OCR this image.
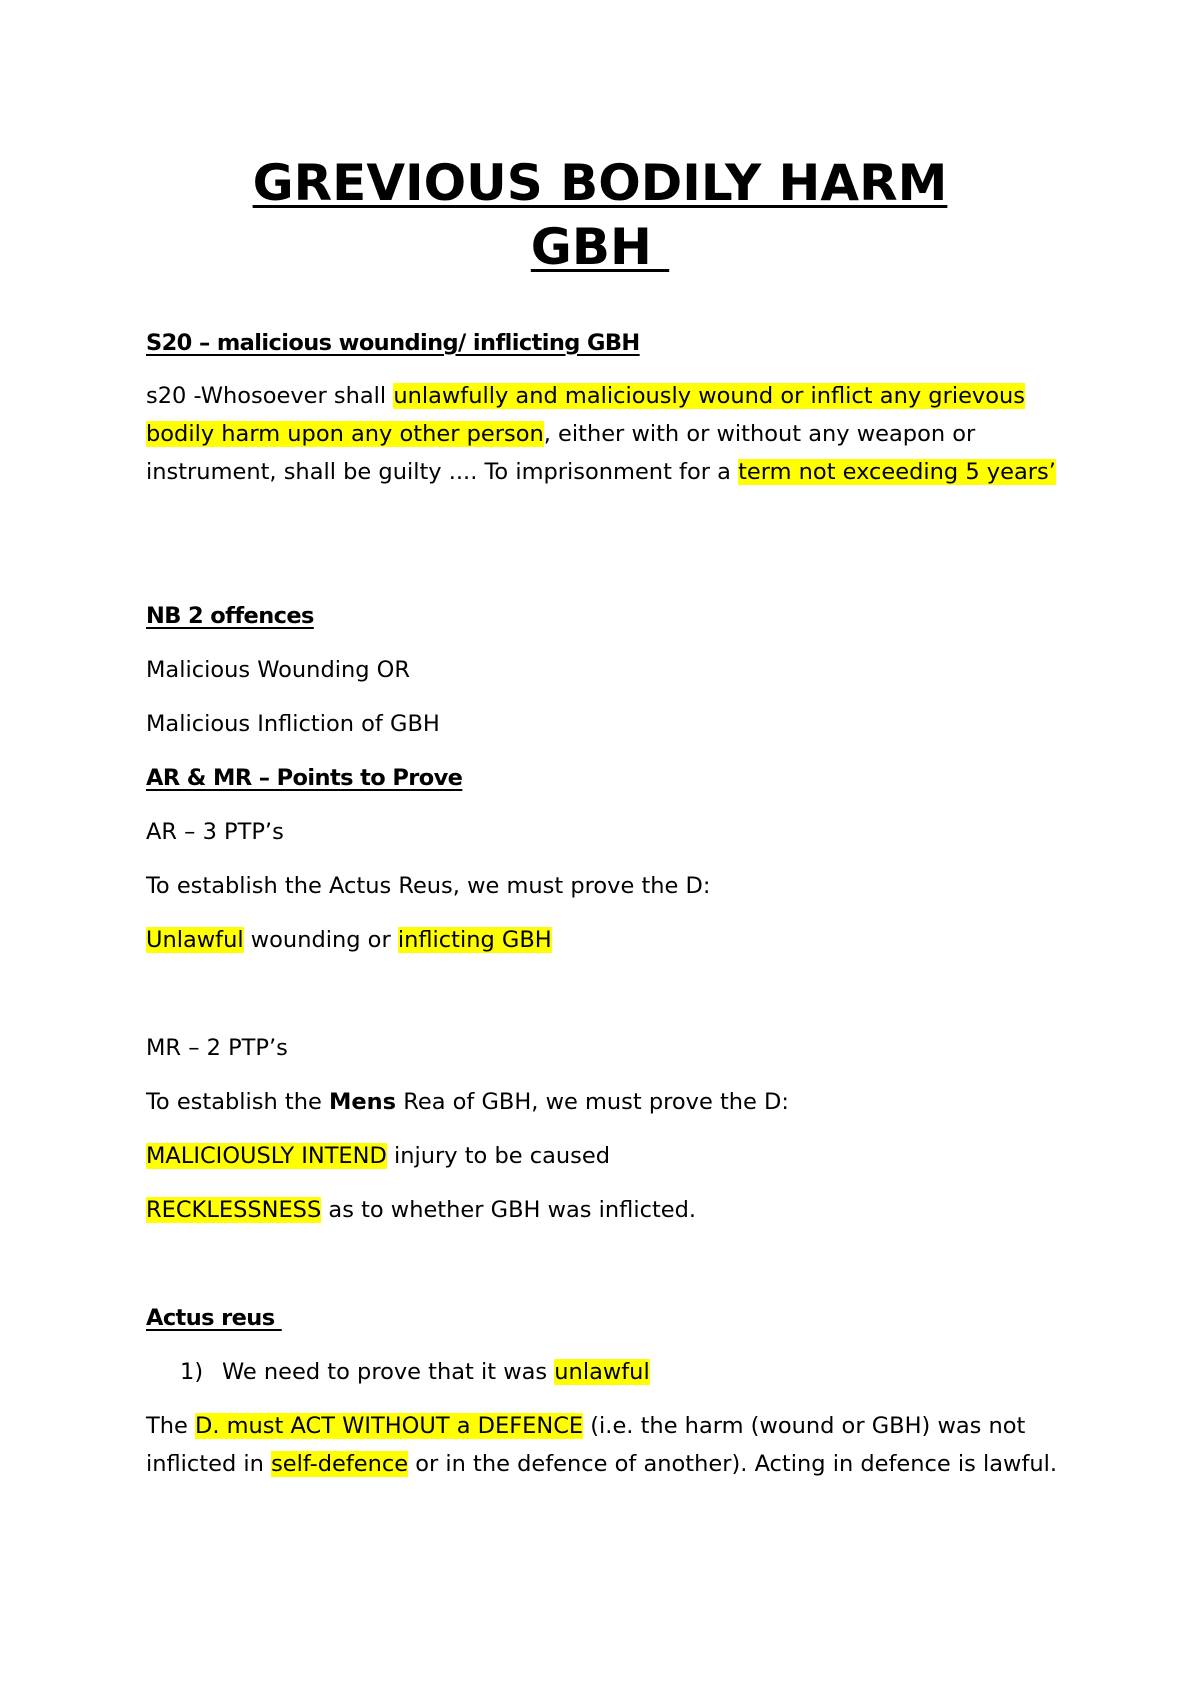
GREVIOUS BODILY HARM
GBH
S20 – malicious wounding/ inflicting GBH
s20 -Whosoever shall unlawfully and maliciously wound or inflict any grievous bodily harm upon any other person, either with or without any weapon or instrument, shall be guilty .... To imprisonment for a term not exceeding 5 years’
NB 2 offences
Malicious Wounding OR
Malicious Infliction of GBH
AR & MR – Points to Prove
AR – 3 PTP’s
To establish the Actus Reus, we must prove the D:
Unlawful wounding or inflicting GBH
MR – 2 PTP’s
To establish the Mens Rea of GBH, we must prove the D:
MALICIOUSLY INTEND injury to be caused
RECKLESSNESS as to whether GBH was inflicted.
Actus reus
1) We need to prove that it was unlawful
The D. must ACT WITHOUT a DEFENCE (i.e. the harm (wound or GBH) was not inflicted in self-defence or in the defence of another). Acting in defence is lawful.
